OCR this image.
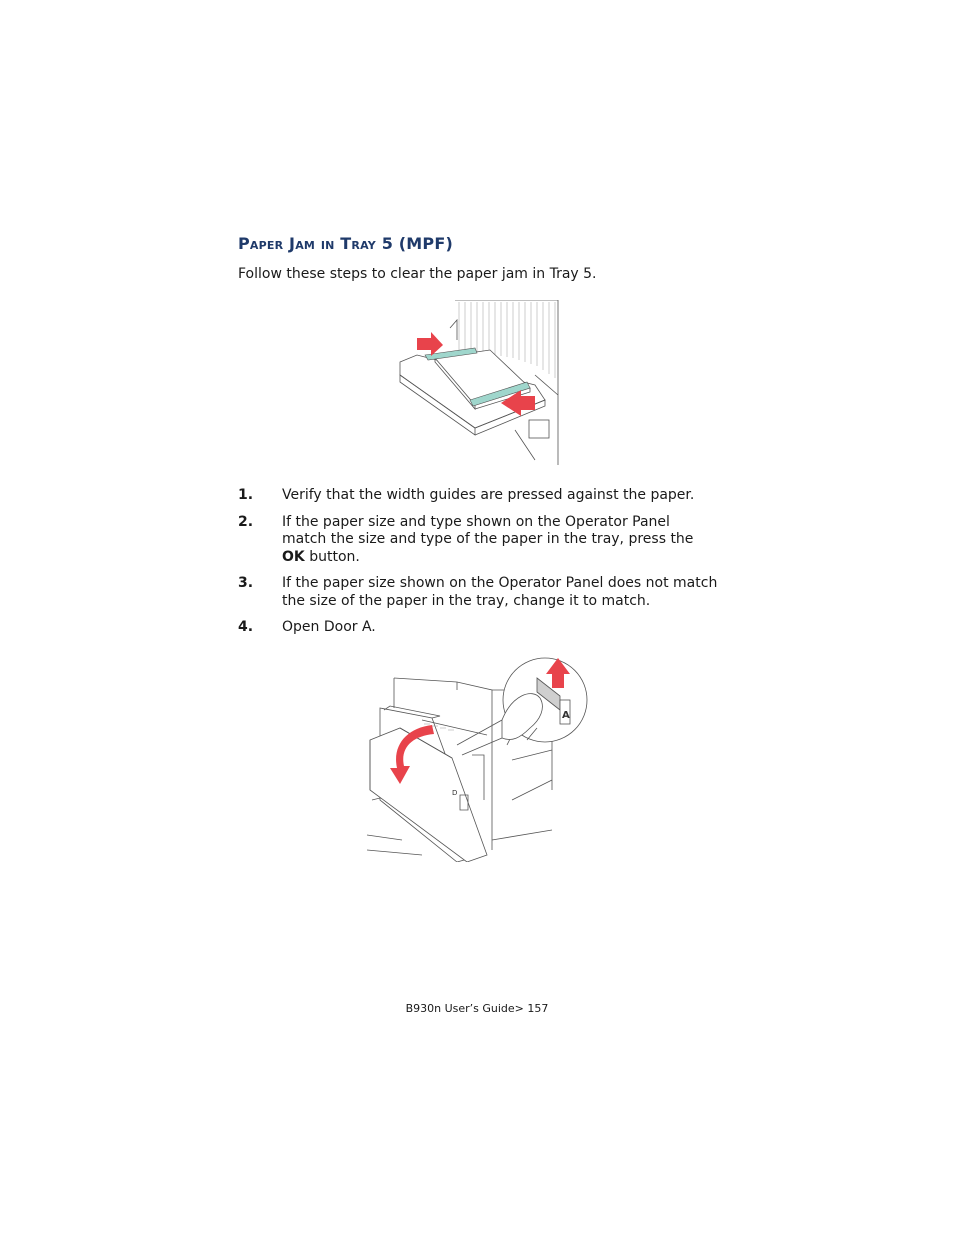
Paper Jam in Tray 5 (MPF)
Follow these steps to clear the paper jam in Tray 5.
1. Verify that the width guides are pressed against the paper.
2. If the paper size and type shown on the Operator Panel match the size and type of the paper in the tray, press the OK button.
3. If the paper size shown on the Operator Panel does not match the size of the paper in the tray, change it to match.
4. Open Door A.
A
D
B930n User’s Guide> 157
